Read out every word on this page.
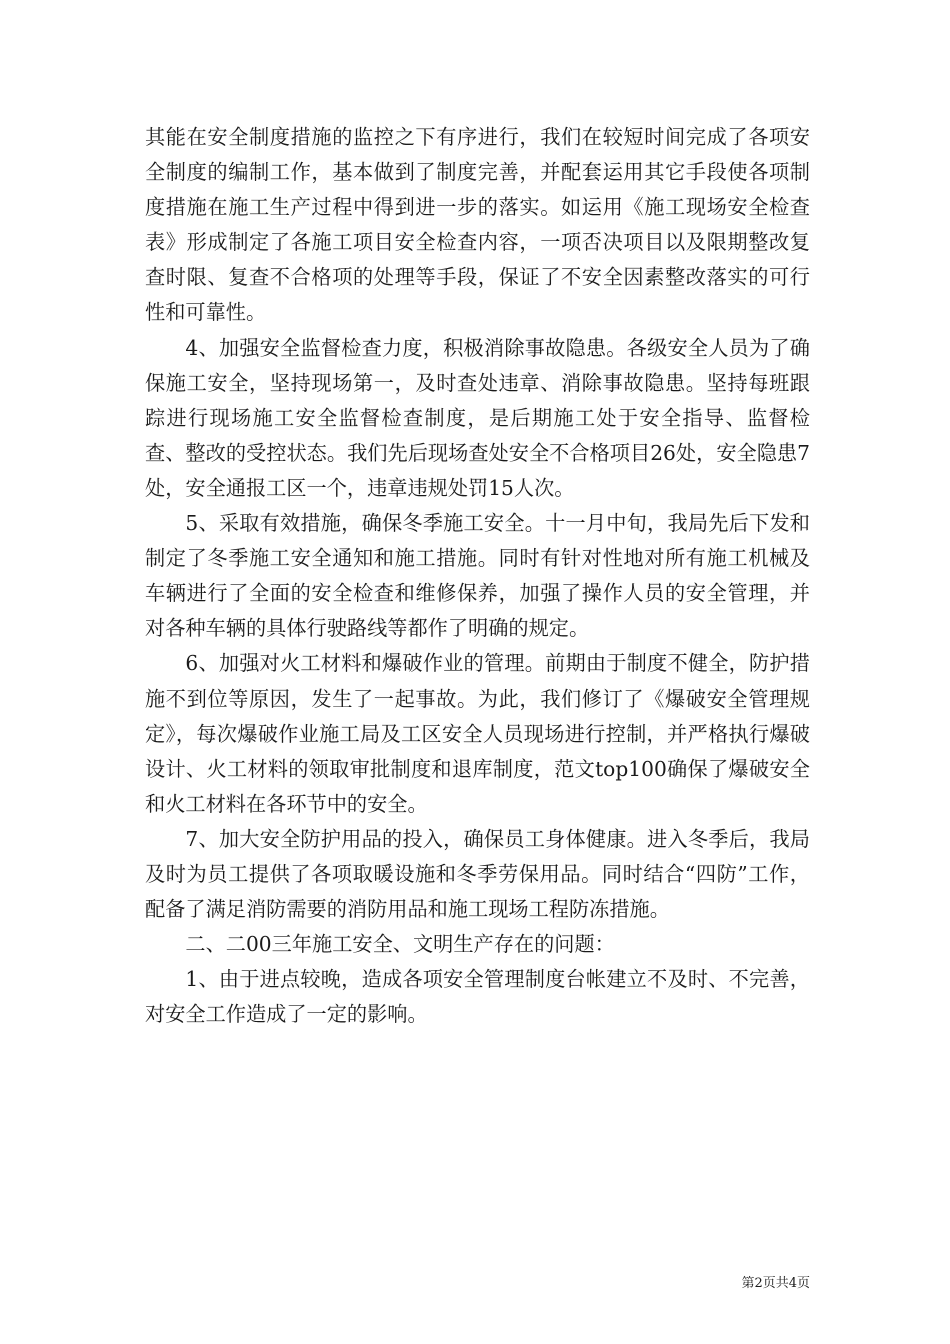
其能在安全制度措施的监控之下有序进行，我们在较短时间完成了各项安全制度的编制工作，基本做到了制度完善，并配套运用其它手段使各项制度措施在施工生产过程中得到进一步的落实。如运用《施工现场安全检查表》形成制定了各施工项目安全检查内容，一项否决项目以及限期整改复查时限、复查不合格项的处理等手段，保证了不安全因素整改落实的可行性和可靠性。

4、加强安全监督检查力度，积极消除事故隐患。各级安全人员为了确保施工安全，坚持现场第一，及时查处违章、消除事故隐患。坚持每班跟踪进行现场施工安全监督检查制度，是后期施工处于安全指导、监督检查、整改的受控状态。我们先后现场查处安全不合格项目26处，安全隐患7处，安全通报工区一个，违章违规处罚15人次。

5、采取有效措施，确保冬季施工安全。十一月中旬，我局先后下发和制定了冬季施工安全通知和施工措施。同时有针对性地对所有施工机械及车辆进行了全面的安全检查和维修保养，加强了操作人员的安全管理，并对各种车辆的具体行驶路线等都作了明确的规定。

6、加强对火工材料和爆破作业的管理。前期由于制度不健全，防护措施不到位等原因，发生了一起事故。为此，我们修订了《爆破安全管理规定》，每次爆破作业施工局及工区安全人员现场进行控制，并严格执行爆破设计、火工材料的领取审批制度和退库制度，范文top100确保了爆破安全和火工材料在各环节中的安全。

7、加大安全防护用品的投入，确保员工身体健康。进入冬季后，我局及时为员工提供了各项取暖设施和冬季劳保用品。同时结合“四防”工作，配备了满足消防需要的消防用品和施工现场工程防冻措施。

二、二00三年施工安全、文明生产存在的问题：

1、由于进点较晚，造成各项安全管理制度台帐建立不及时、不完善，对安全工作造成了一定的影响。

第2页共4页
